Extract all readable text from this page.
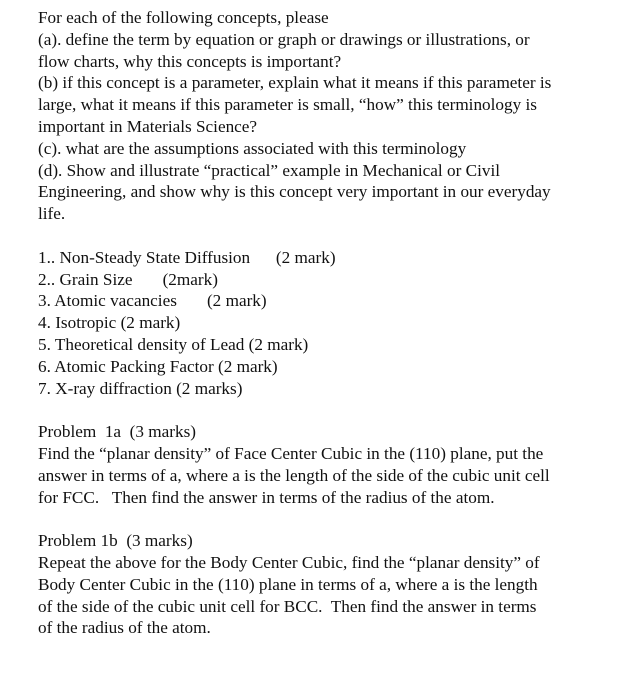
For each of the following concepts, please
(a). define the term by equation or graph or drawings or illustrations, or
flow charts, why this concepts is important?
(b) if this concept is a parameter, explain what it means if this parameter is
large, what it means if this parameter is small, “how” this terminology is
important in Materials Science?
(c). what are the assumptions associated with this terminology
(d). Show and illustrate “practical” example in Mechanical or Civil
Engineering, and show why is this concept very important in our everyday
life.
1.. Non-Steady State Diffusion      (2 mark)
2.. Grain Size       (2mark)
3. Atomic vacancies       (2 mark)
4. Isotropic (2 mark)
5. Theoretical density of Lead (2 mark)
6. Atomic Packing Factor (2 mark)
7. X-ray diffraction (2 marks)
Problem  1a  (3 marks)
Find the “planar density” of Face Center Cubic in the (110) plane, put the
answer in terms of a, where a is the length of the side of the cubic unit cell
for FCC.   Then find the answer in terms of the radius of the atom.
Problem 1b  (3 marks)
Repeat the above for the Body Center Cubic, find the “planar density” of
Body Center Cubic in the (110) plane in terms of a, where a is the length
of the side of the cubic unit cell for BCC.  Then find the answer in terms
of the radius of the atom.
